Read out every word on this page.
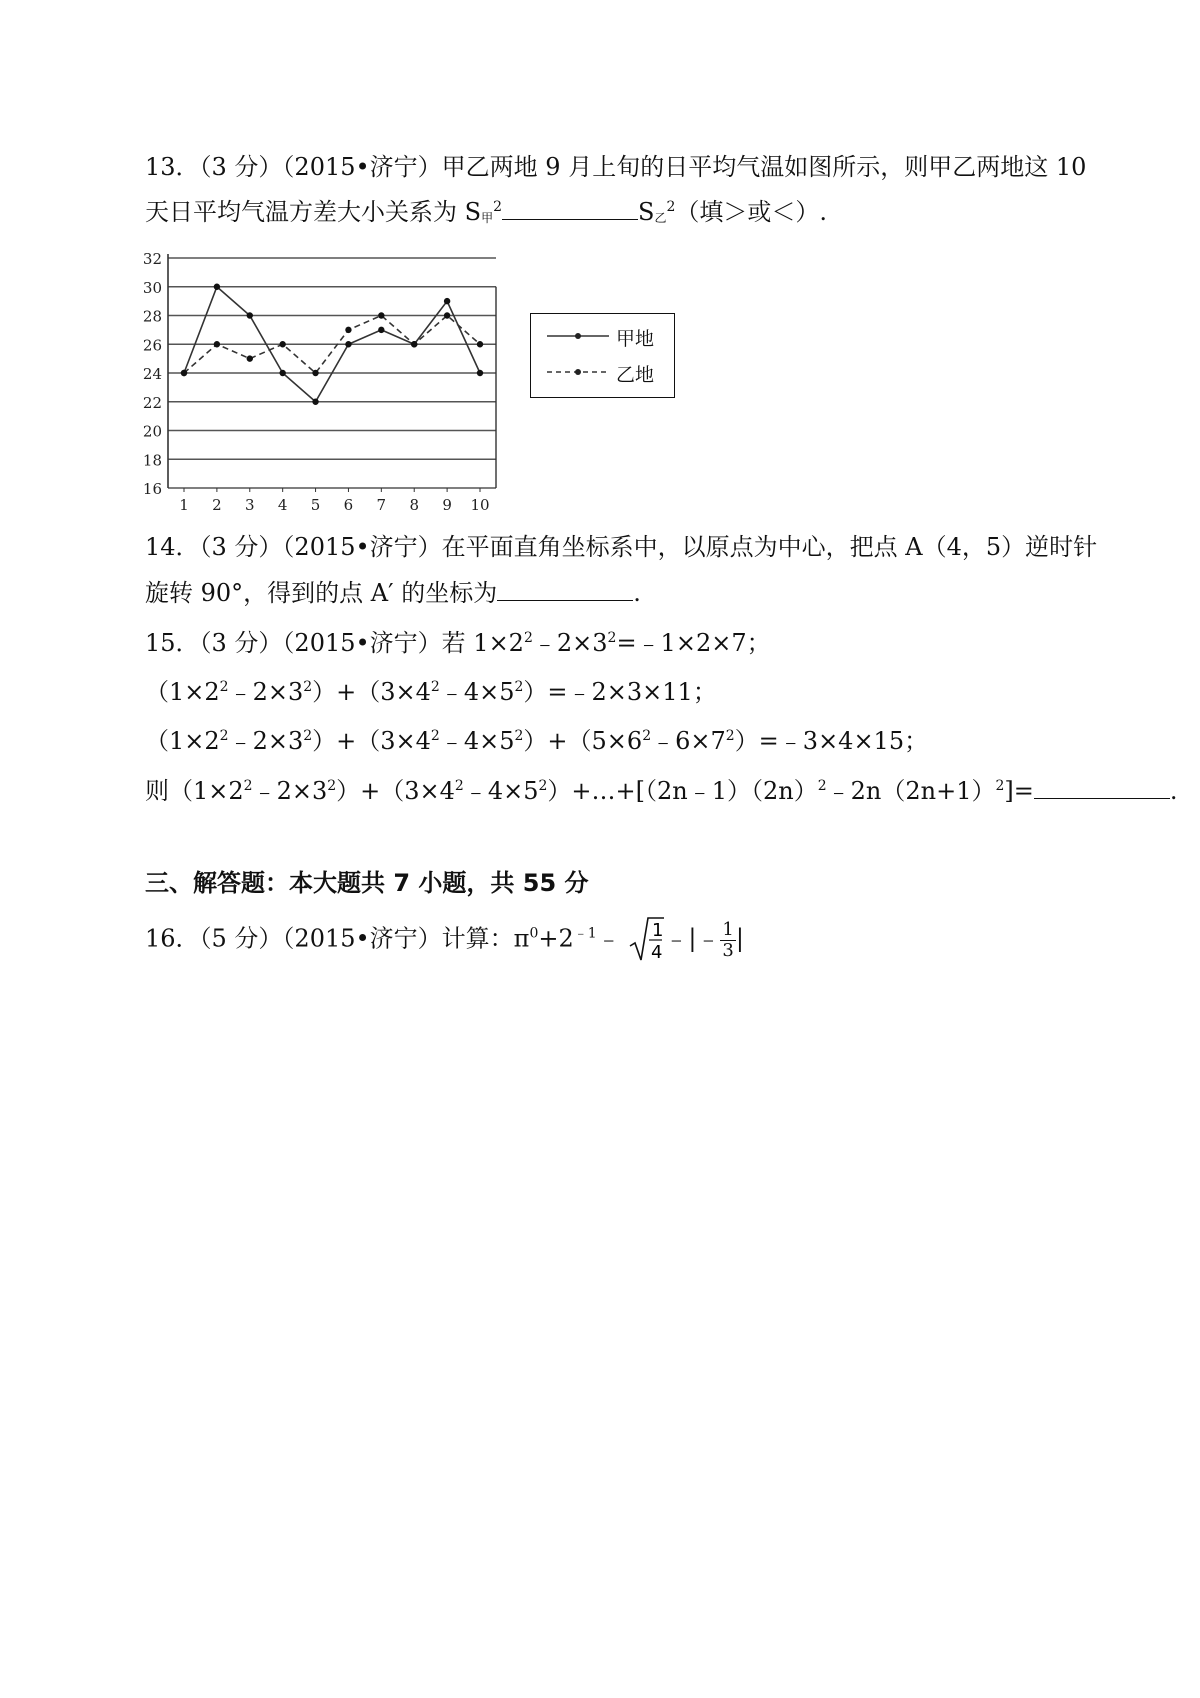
13．（3 分）（2015•济宁）甲乙两地 9 月上旬的日平均气温如图所示，则甲乙两地这 10
天日平均气温方差大小关系为 $S_甲^2$	$S_乙^2$（填＞或＜）.
16
18
20
22
24
26
28
30
32
1 2 3 4 5 6 7 8 9 10
甲地
乙地
14．（3 分）（2015•济宁）在平面直角坐标系中，以原点为中心，把点 A（4，5）逆时针
旋转 90°，得到的点 A′ 的坐标为	.
15．（3 分）（2015•济宁）若 $1\times 2^2﹣2\times 3^2=﹣1\times 2\times 7$；
$(1\times 2^2﹣2\times 3^2)+(3\times 4^2﹣4\times 5^2)=﹣2\times 3\times 11$；
$(1\times 2^2﹣2\times 3^2)+(3\times 4^2﹣4\times 5^2)+(5\times 6^2﹣6\times 7^2)=﹣3\times 4\times 15$；
则$(1\times 2^2﹣2\times 3^2)+(3\times 4^2﹣4\times 5^2)+\dots+[(2n﹣1)(2n)^2﹣2n(2n+1)^2]=$	.
三、解答题：本大题共 7 小题，共 55 分
16．（5 分）（2015•济宁）计算：$\pi^0+2^{﹣1}﹣$ 1
4 ﹣|﹣ $\frac{1}{3}$ |
